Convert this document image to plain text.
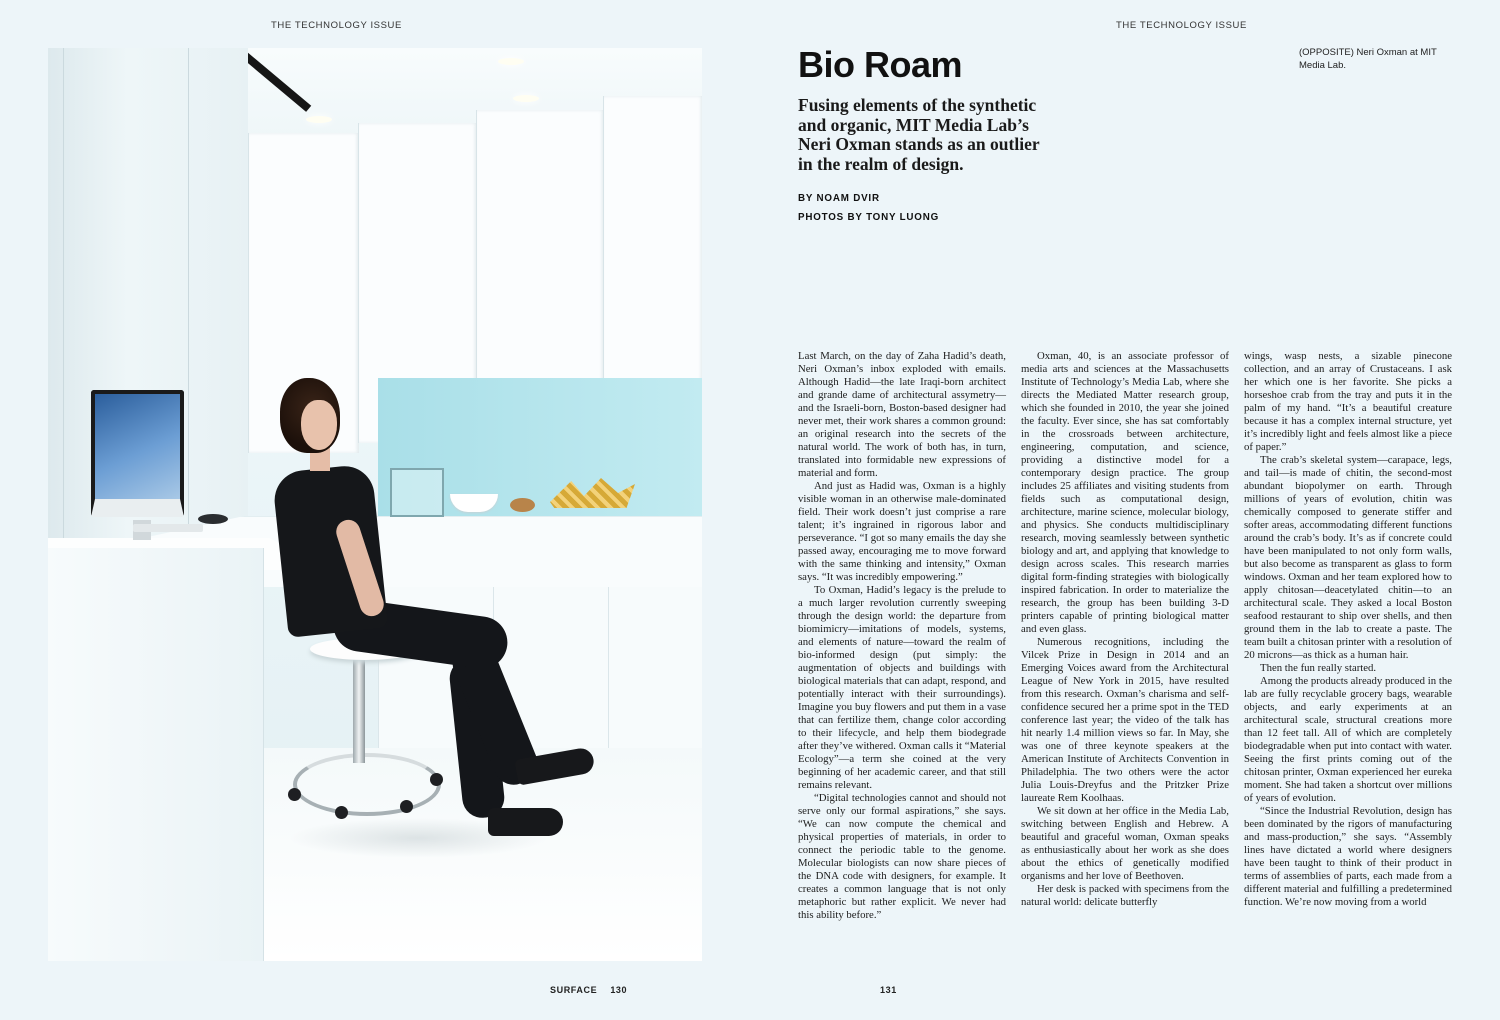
THE TECHNOLOGY ISSUE	THE TECHNOLOGY ISSUE
Bio Roam	(OPPOSITE) Neri Oxman at MIT Media Lab.

Fusing elements of the synthetic and organic, MIT Media Lab’s Neri Oxman stands as an outlier in the realm of design.

BY NOAM DVIR

PHOTOS BY TONY LUONG

Last March, on the day of Zaha Hadid’s death, Neri Oxman’s inbox exploded with emails. Although Hadid—the late Iraqi-born architect and grande dame of architectural assymetry—and the Israeli-born, Boston-based designer had never met, their work shares a common ground: an original research into the secrets of the natural world. The work of both has, in turn, translated into formidable new expressions of material and form.

And just as Hadid was, Oxman is a highly visible woman in an otherwise male-dominated field. Their work doesn’t just comprise a rare talent; it’s ingrained in rigorous labor and perseverance. “I got so many emails the day she passed away, encouraging me to move forward with the same thinking and intensity,” Oxman says. “It was incredibly empowering.”

To Oxman, Hadid’s legacy is the prelude to a much larger revolution currently sweeping through the design world: the departure from biomimicry—imitations of models, systems, and elements of nature—toward the realm of bio-informed design (put simply: the augmentation of objects and buildings with biological materials that can adapt, respond, and potentially interact with their surroundings). Imagine you buy flowers and put them in a vase that can fertilize them, change color according to their lifecycle, and help them biodegrade after they’ve withered. Oxman calls it “Material Ecology”—a term she coined at the very beginning of her academic career, and that still remains relevant.

“Digital technologies cannot and should not serve only our formal aspirations,” she says. “We can now compute the chemical and physical properties of materials, in order to connect the periodic table to the genome. Molecular biologists can now share pieces of the DNA code with designers, for example. It creates a common language that is not only metaphoric but rather explicit. We never had this ability before.”

Oxman, 40, is an associate professor of media arts and sciences at the Massachusetts Institute of Technology’s Media Lab, where she directs the Mediated Matter research group, which she founded in 2010, the year she joined the faculty. Ever since, she has sat comfortably in the crossroads between architecture, engineering, computation, and science, providing a distinctive model for a contemporary design practice. The group includes 25 affiliates and visiting students from fields such as computational design, architecture, marine science, molecular biology, and physics. She conducts multidisciplinary research, moving seamlessly between synthetic biology and art, and applying that knowledge to design across scales. This research marries digital form-finding strategies with biologically inspired fabrication. In order to materialize the research, the group has been building 3-D printers capable of printing biological matter and even glass.

Numerous recognitions, including the Vilcek Prize in Design in 2014 and an Emerging Voices award from the Architectural League of New York in 2015, have resulted from this research. Oxman’s charisma and self-confidence secured her a prime spot in the TED conference last year; the video of the talk has hit nearly 1.4 million views so far. In May, she was one of three keynote speakers at the American Institute of Architects Convention in Philadelphia. The two others were the actor Julia Louis-Dreyfus and the Pritzker Prize laureate Rem Koolhaas.

We sit down at her office in the Media Lab, switching between English and Hebrew. A beautiful and graceful woman, Oxman speaks as enthusiastically about her work as she does about the ethics of genetically modified organisms and her love of Beethoven.

Her desk is packed with specimens from the natural world: delicate butterfly

wings, wasp nests, a sizable pinecone collection, and an array of Crustaceans. I ask her which one is her favorite. She picks a horseshoe crab from the tray and puts it in the palm of my hand. “It’s a beautiful creature because it has a complex internal structure, yet it’s incredibly light and feels almost like a piece of paper.”

The crab’s skeletal system—carapace, legs, and tail—is made of chitin, the second-most abundant biopolymer on earth. Through millions of years of evolution, chitin was chemically composed to generate stiffer and softer areas, accommodating different functions around the crab’s body. It’s as if concrete could have been manipulated to not only form walls, but also become as transparent as glass to form windows. Oxman and her team explored how to apply chitosan—deacetylated chitin—to an architectural scale. They asked a local Boston seafood restaurant to ship over shells, and then ground them in the lab to create a paste. The team built a chitosan printer with a resolution of 20 microns—as thick as a human hair.

Then the fun really started.

Among the products already produced in the lab are fully recyclable grocery bags, wearable objects, and early experiments at an architectural scale, structural creations more than 12 feet tall. All of which are completely biodegradable when put into contact with water. Seeing the first prints coming out of the chitosan printer, Oxman experienced her eureka moment. She had taken a shortcut over millions of years of evolution.

“Since the Industrial Revolution, design has been dominated by the rigors of manufacturing and mass-production,” she says. “Assembly lines have dictated a world where designers have been taught to think of their product in terms of assemblies of parts, each made from a different material and fulfilling a predetermined function. We’re now moving from a world

SURFACE 130	131
